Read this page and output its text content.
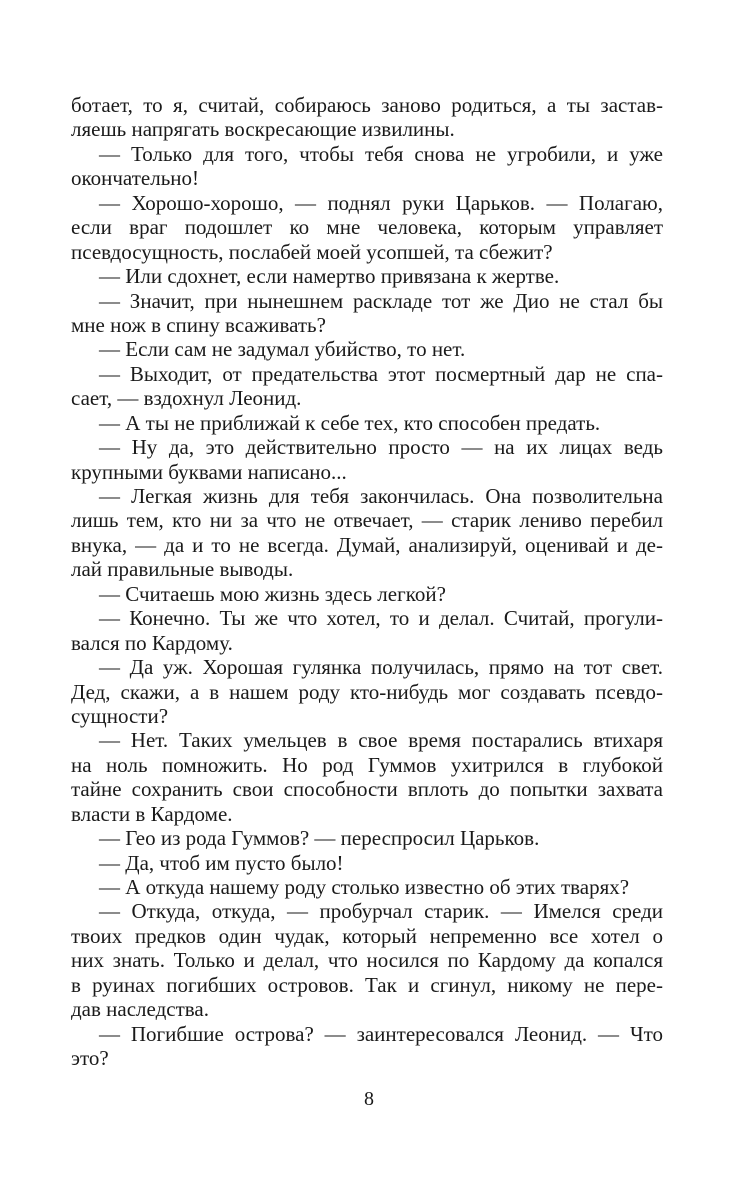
ботает, то я, считай, собираюсь заново родиться, а ты застав-
ляешь напрягать воскресающие извилины.
— Только для того, чтобы тебя снова не угробили, и уже
окончательно!
— Хорошо-хорошо, — поднял руки Царьков. — Полагаю,
если враг подошлет ко мне человека, которым управляет
псевдосущность, послабей моей усопшей, та сбежит?
— Или сдохнет, если намертво привязана к жертве.
— Значит, при нынешнем раскладе тот же Дио не стал бы
мне нож в спину всаживать?
— Если сам не задумал убийство, то нет.
— Выходит, от предательства этот посмертный дар не спа-
сает, — вздохнул Леонид.
— А ты не приближай к себе тех, кто способен предать.
— Ну да, это действительно просто — на их лицах ведь
крупными буквами написано...
— Легкая жизнь для тебя закончилась. Она позволительна
лишь тем, кто ни за что не отвечает, — старик лениво перебил
внука, — да и то не всегда. Думай, анализируй, оценивай и де-
лай правильные выводы.
— Считаешь мою жизнь здесь легкой?
— Конечно. Ты же что хотел, то и делал. Считай, прогули-
вался по Кардому.
— Да уж. Хорошая гулянка получилась, прямо на тот свет.
Дед, скажи, а в нашем роду кто-нибудь мог создавать псевдо-
сущности?
— Нет. Таких умельцев в свое время постарались втихаря
на ноль помножить. Но род Гуммов ухитрился в глубокой
тайне сохранить свои способности вплоть до попытки захвата
власти в Кардоме.
— Гео из рода Гуммов? — переспросил Царьков.
— Да, чтоб им пусто было!
— А откуда нашему роду столько известно об этих тварях?
— Откуда, откуда, — пробурчал старик. — Имелся среди
твоих предков один чудак, который непременно все хотел о
них знать. Только и делал, что носился по Кардому да копался
в руинах погибших островов. Так и сгинул, никому не пере-
дав наследства.
— Погибшие острова? — заинтересовался Леонид. — Что
это?
8
